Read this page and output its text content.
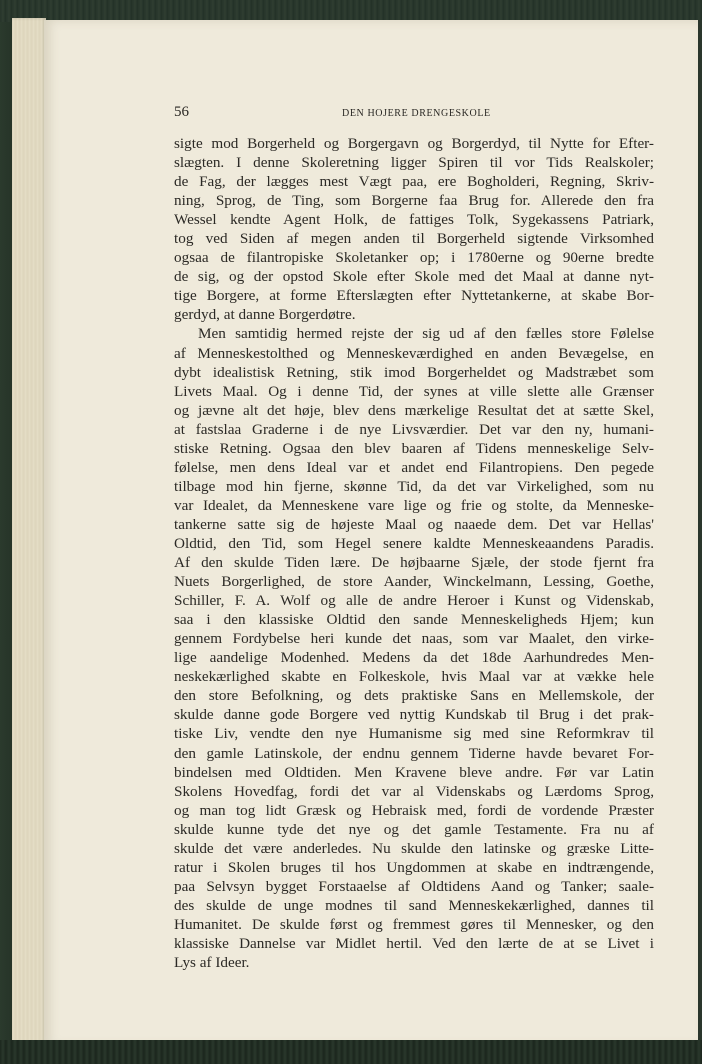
56	DEN HOJERE DRENGESKOLE
sigte mod Borgerheld og Borgergavn og Borgerdyd, til Nytte for Efter-
slægten. I denne Skoleretning ligger Spiren til vor Tids Realskoler;
de Fag, der lægges mest Vægt paa, ere Bogholderi, Regning, Skriv-
ning, Sprog, de Ting, som Borgerne faa Brug for. Allerede den fra
Wessel kendte Agent Holk, de fattiges Tolk, Sygekassens Patriark,
tog ved Siden af megen anden til Borgerheld sigtende Virksomhed
ogsaa de filantropiske Skoletanker op; i 1780erne og 90erne bredte
de sig, og der opstod Skole efter Skole med det Maal at danne nyt-
tige Borgere, at forme Efterslægten efter Nyttetankerne, at skabe Bor-
gerdyd, at danne Borgerdøtre.
Men samtidig hermed rejste der sig ud af den fælles store Følelse
af Menneskestolthed og Menneskeværdighed en anden Bevægelse, en
dybt idealistisk Retning, stik imod Borgerheldet og Madstræbet som
Livets Maal. Og i denne Tid, der synes at ville slette alle Grænser
og jævne alt det høje, blev dens mærkelige Resultat det at sætte Skel,
at fastslaa Graderne i de nye Livsværdier. Det var den ny, humani-
stiske Retning. Ogsaa den blev baaren af Tidens menneskelige Selv-
følelse, men dens Ideal var et andet end Filantropiens. Den pegede
tilbage mod hin fjerne, skønne Tid, da det var Virkelighed, som nu
var Idealet, da Menneskene vare lige og frie og stolte, da Menneske-
tankerne satte sig de højeste Maal og naaede dem. Det var Hellas'
Oldtid, den Tid, som Hegel senere kaldte Menneskeaandens Paradis.
Af den skulde Tiden lære. De højbaarne Sjæle, der stode fjernt fra
Nuets Borgerlighed, de store Aander, Winckelmann, Lessing, Goethe,
Schiller, F. A. Wolf og alle de andre Heroer i Kunst og Videnskab,
saa i den klassiske Oldtid den sande Menneskeligheds Hjem; kun
gennem Fordybelse heri kunde det naas, som var Maalet, den virke-
lige aandelige Modenhed. Medens da det 18de Aarhundredes Men-
neskekærlighed skabte en Folkeskole, hvis Maal var at vække hele
den store Befolkning, og dets praktiske Sans en Mellemskole, der
skulde danne gode Borgere ved nyttig Kundskab til Brug i det prak-
tiske Liv, vendte den nye Humanisme sig med sine Reformkrav til
den gamle Latinskole, der endnu gennem Tiderne havde bevaret For-
bindelsen med Oldtiden. Men Kravene bleve andre. Før var Latin
Skolens Hovedfag, fordi det var al Videnskabs og Lærdoms Sprog,
og man tog lidt Græsk og Hebraisk med, fordi de vordende Præster
skulde kunne tyde det nye og det gamle Testamente. Fra nu af
skulde det være anderledes. Nu skulde den latinske og græske Litte-
ratur i Skolen bruges til hos Ungdommen at skabe en indtrængende,
paa Selvsyn bygget Forstaaelse af Oldtidens Aand og Tanker; saale-
des skulde de unge modnes til sand Menneskekærlighed, dannes til
Humanitet. De skulde først og fremmest gøres til Mennesker, og den
klassiske Dannelse var Midlet hertil. Ved den lærte de at se Livet i
Lys af Ideer.
